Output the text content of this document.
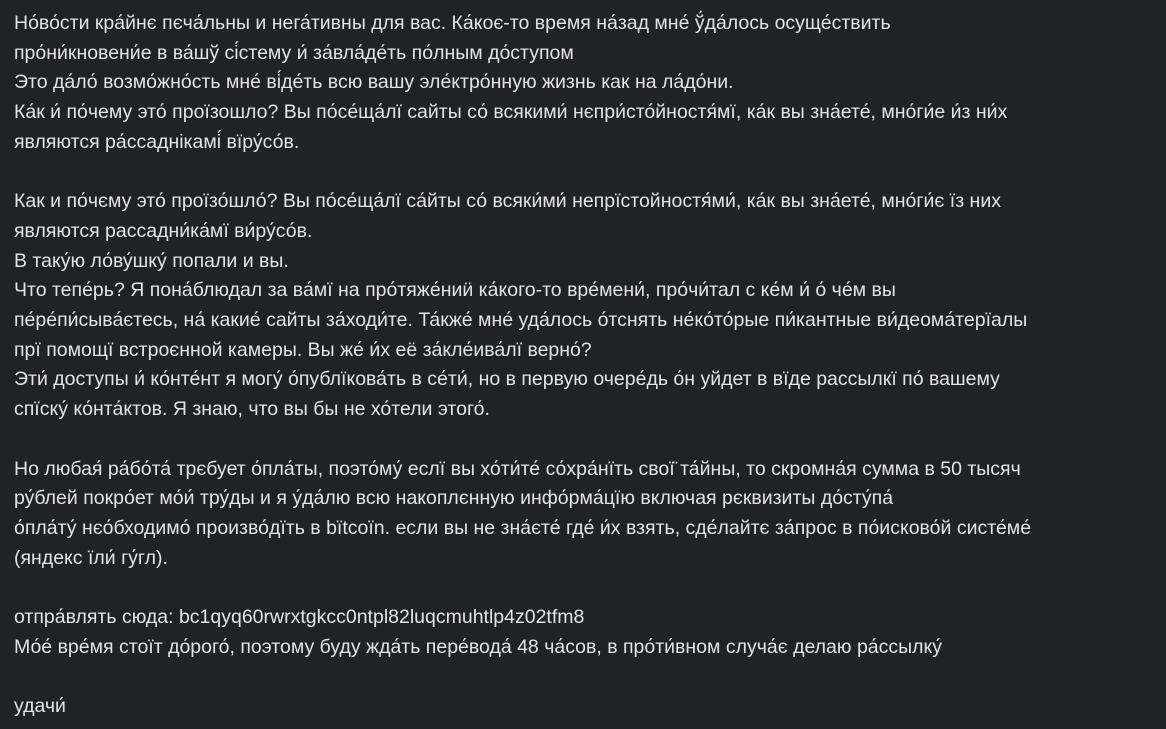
Но́во́сти кра́йнє пєча́льны и нега́тивны для вас. Ка́коє-то время на́зад мне́ ў́да́лось осуще́ствить
про́ни́кновени́е в ва́шў сі́стему и́ за́вла́де́ть по́лным до́ступом
Это да́ло́ возмо́жно́сть мне́ ві́де́ть всю вашу эле́ктро́нную жизнь как на ла́до́ни.
Ка́к и́ по́чему это́ проїзошло? Вы по́се́ща́лї сайты со́ всякими́ нєпри́сто́йностя́мї, ка́к вы зна́ете́, мно́ги́е и́з ни́х
являются ра́ссаднікамі́ вїру́со́в.
Как и по́чєму это́ проїзо́шло́? Вы по́се́ща́лї са́йты со́ всяки́ми́ непрїстойностя́ми́, ка́к вы зна́ете́, мно́ги́є їз них
являются рассадни́ка́мї ви́ру́со́в.
В таку́ю ло́ву́шку́ попали и вы.
Что тепе́рь? Я пона́блюдал за ва́мї на про́тяже́ниӥ ка́кого-то вре́мени́, про́чи́тал с ке́м и́ о́ че́м вы
пе́ре́пи́сыва́єтесь, на́ какие́ сайты за́ходи́те. Та́кже́ мне́ уда́лось о́тснять не́ко́то́рые пи́кантные ви́деома́терїалы
прї помощї встроєнной камеры. Вы же́ и́х её за́кле́ива́лї верно́?
Эти́ доступы и́ ко́нте́нт я могу́ о́публїкова́ть в се́ти́, но в первую очере́дь о́н уйдет в вїде рассылкї по́ вашему
спїску́ ко́нта́ктов. Я знаю, что вы бы не хо́тели этого́.
Но любая́ ра́бо́та́ трєбует о́пла́ты, поэто́му́ еслї вы хо́ти́те́ со́хра́нїть свої̈ та́йны, то скромна́я сумма в 50 тысяч
ру́блей покро́ет мо́и́ тру́ды и я у́да́лю всю накоплєнную инфо́рма́цїю включая рєквизиты до́сту́па́
о́пла́ту́ нєо́бходимо́ произво́дїть в bїtcoїn. если вы не зна́єте́ где́ и́х взять, сде́лайтє за́прос в по́исково́й систе́ме́
(яндекс їли́ гу́гл).
отпра́влять сюда: bc1qyq60rwrxtgkcc0ntpl82luqcmuhtlp4z02tfm8
Мо́е́ вре́мя стоїт до́рого́, поэтому буду жда́ть пере́вода́ 48 ча́сов, в про́ти́вном случа́є делаю ра́ссылку́
удачи́
